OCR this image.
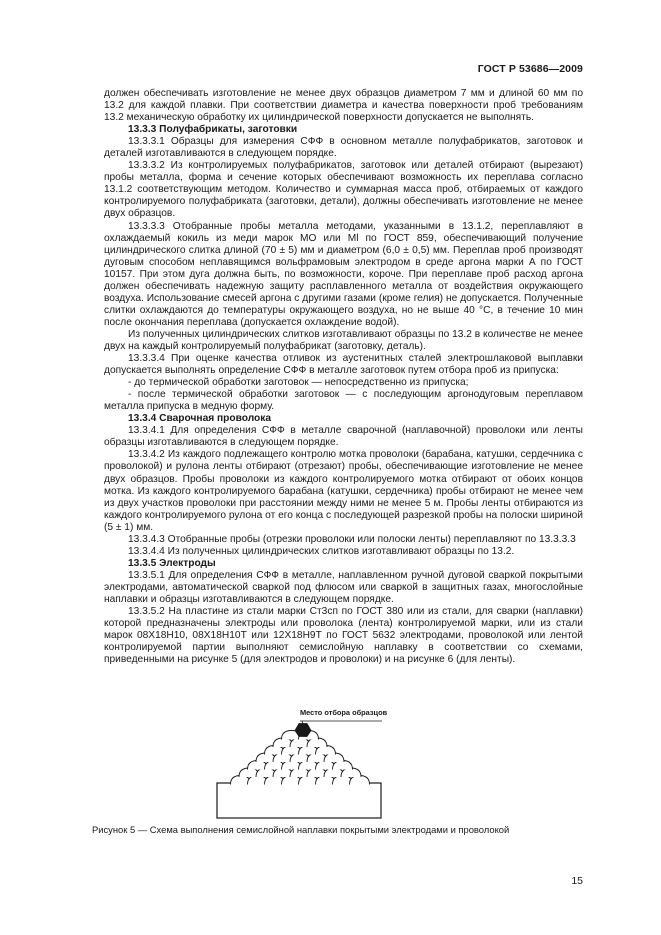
ГОСТ Р 53686—2009

должен обеспечивать изготовление не менее двух образцов диаметром 7 мм и длиной 60 мм по 13.2 для каждой плавки. При соответствии диаметра и качества поверхности проб требованиям 13.2 механическую обработку их цилиндрической поверхности допускается не выполнять.

13.3.3 Полуфабрикаты, заготовки

13.3.3.1 Образцы для измерения СФФ в основном металле полуфабрикатов, заготовок и деталей изготавливаются в следующем порядке.

13.3.3.2 Из контролируемых полуфабрикатов, заготовок или деталей отбирают (вырезают) пробы металла, форма и сечение которых обеспечивают возможность их переплава согласно 13.1.2 соответствующим методом. Количество и суммарная масса проб, отбираемых от каждого контролируемого полуфабриката (заготовки, детали), должны обеспечивать изготовление не менее двух образцов.

13.3.3.3 Отобранные пробы металла методами, указанными в 13.1.2, переплавляют в охлаждаемый кокиль из меди марок МО или Ml по ГОСТ 859, обеспечивающий получение цилиндрического слитка длиной (70 ± 5) мм и диаметром (6,0 ± 0,5) мм. Переплав проб производят дуговым способом неплавящимся вольфрамовым электродом в среде аргона марки А по ГОСТ 10157. При этом дуга должна быть, по возможности, короче. При переплаве проб расход аргона должен обеспечивать надежную защиту расплавленного металла от воздействия окружающего воздуха. Использование смесей аргона с другими газами (кроме гелия) не допускается. Полученные слитки охлаждаются до температуры окружающего воздуха, но не выше 40 °С, в течение 10 мин после окончания переплава (допускается охлаждение водой).

Из полученных цилиндрических слитков изготавливают образцы по 13.2 в количестве не менее двух на каждый контролируемый полуфабрикат (заготовку, деталь).

13.3.3.4 При оценке качества отливок из аустенитных сталей электрошлаковой выплавки допускается выполнять определение СФФ в металле заготовок путем отбора проб из припуска:

- до термической обработки заготовок — непосредственно из припуска;

- после термической обработки заготовок — с последующим аргонодуговым переплавом металла припуска в медную форму.

13.3.4 Сварочная проволока

13.3.4.1 Для определения СФФ в металле сварочной (наплавочной) проволоки или ленты образцы изготавливаются в следующем порядке.

13.3.4.2 Из каждого подлежащего контролю мотка проволоки (барабана, катушки, сердечника с проволокой) и рулона ленты отбирают (отрезают) пробы, обеспечивающие изготовление не менее двух образцов. Пробы проволоки из каждого контролируемого мотка отбирают от обоих концов мотка. Из каждого контролируемого барабана (катушки, сердечника) пробы отбирают не менее чем из двух участков проволоки при расстоянии между ними не менее 5 м. Пробы ленты отбираются из каждого контролируемого рулона от его конца с последующей разрезкой пробы на полоски шириной (5 ± 1) мм.

13.3.4.3 Отобранные пробы (отрезки проволоки или полоски ленты) переплавляют по 13.3.3.3

13.3.4.4 Из полученных цилиндрических слитков изготавливают образцы по 13.2.

13.3.5 Электроды

13.3.5.1 Для определения СФФ в металле, наплавленном ручной дуговой сваркой покрытыми электродами, автоматической сваркой под флюсом или сваркой в защитных газах, многослойные наплавки и образцы изготавливаются в следующем порядке.

13.3.5.2 На пластине из стали марки Ст3сп по ГОСТ 380 или из стали, для сварки (наплавки) которой предназначены электроды или проволока (лента) контролируемой марки, или из стали марок 08Х18Н10, 08Х18Н10Т или 12Х18Н9Т по ГОСТ 5632 электродами, проволокой или лентой контролируемой партии выполняют семислойную наплавку в соответствии со схемами, приведенными на рисунке 5 (для электродов и проволоки) и на рисунке 6 (для ленты).

Место отбора образцов
Рисунок 5 — Схема выполнения семислойной наплавки покрытыми электродами и проволокой
15
